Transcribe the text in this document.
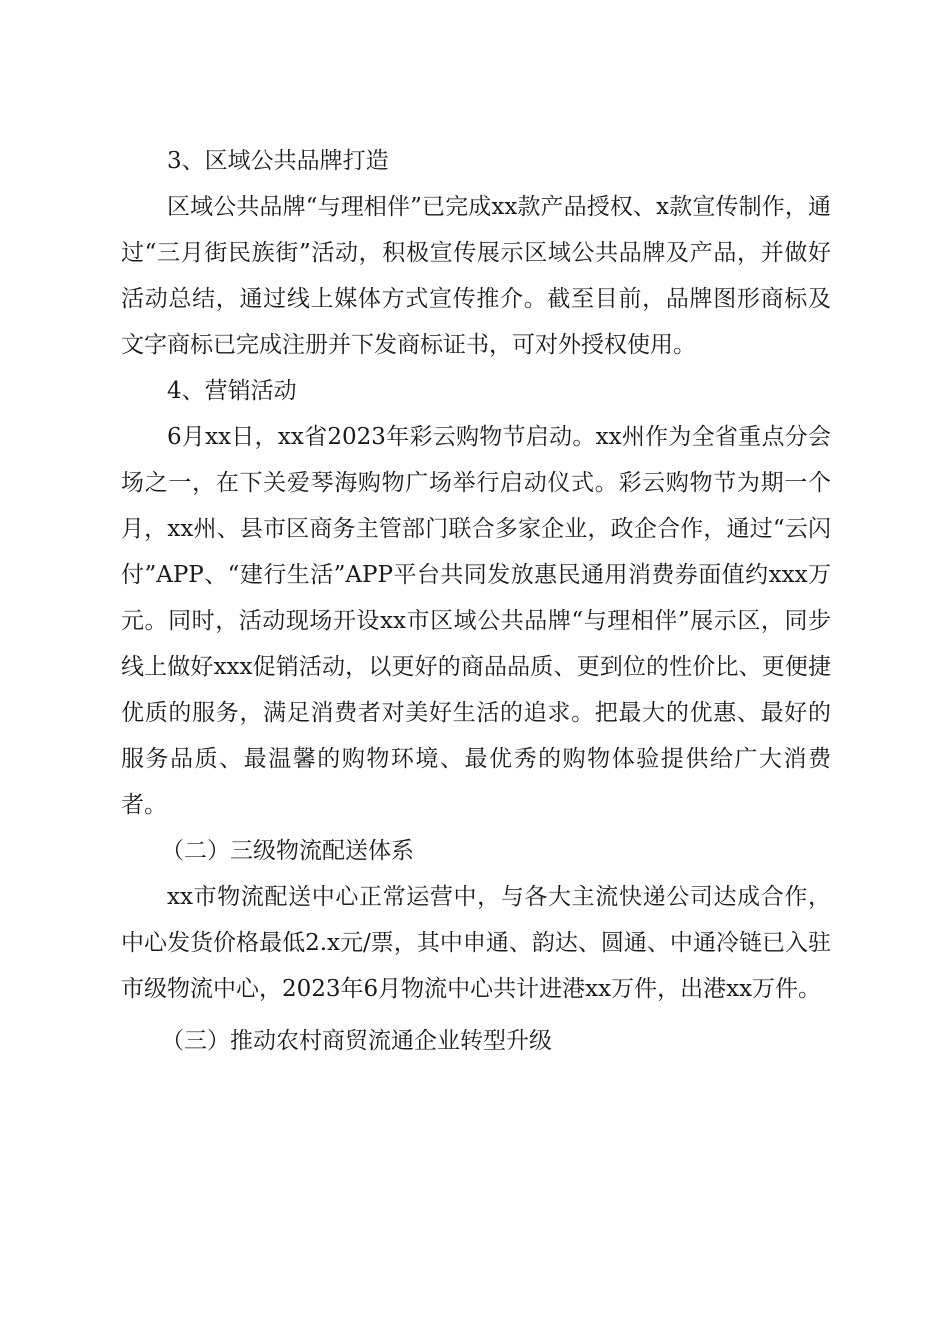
3、区域公共品牌打造

区域公共品牌“与理相伴”已完成xx款产品授权、x款宣传制作，通过“三月街民族街”活动，积极宣传展示区域公共品牌及产品，并做好活动总结，通过线上媒体方式宣传推介。截至目前，品牌图形商标及文字商标已完成注册并下发商标证书，可对外授权使用。

4、营销活动

6月xx日，xx省2023年彩云购物节启动。xx州作为全省重点分会场之一，在下关爱琴海购物广场举行启动仪式。彩云购物节为期一个月，xx州、县市区商务主管部门联合多家企业，政企合作，通过“云闪付”APP、“建行生活”APP平台共同发放惠民通用消费券面值约xxx万元。同时，活动现场开设xx市区域公共品牌“与理相伴”展示区，同步线上做好xxx促销活动，以更好的商品品质、更到位的性价比、更便捷优质的服务，满足消费者对美好生活的追求。把最大的优惠、最好的服务品质、最温馨的购物环境、最优秀的购物体验提供给广大消费者。

（二）三级物流配送体系

xx市物流配送中心正常运营中，与各大主流快递公司达成合作，中心发货价格最低2.x元/票，其中申通、韵达、圆通、中通冷链已入驻市级物流中心，2023年6月物流中心共计进港xx万件，出港xx万件。

（三）推动农村商贸流通企业转型升级
